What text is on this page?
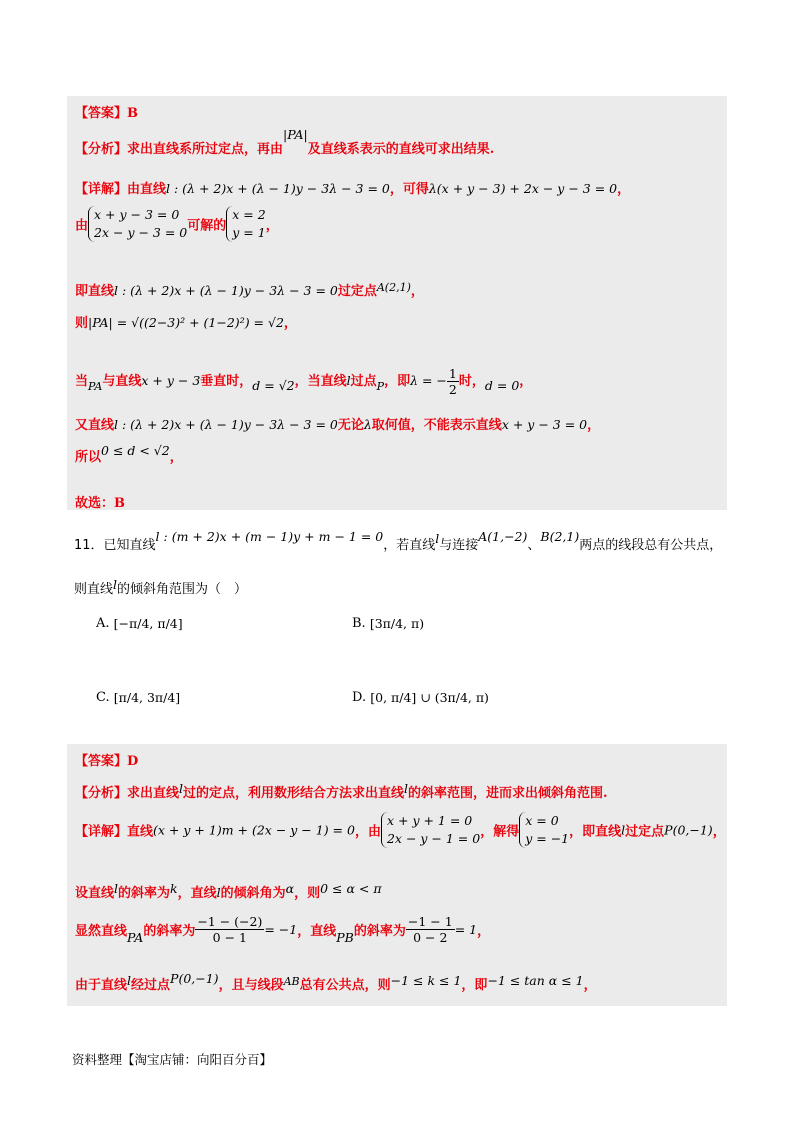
【答案】B
【分析】求出直线系所过定点，再由|PA|及直线系表示的直线可求出结果.
【详解】由直线l : (λ + 2)x + (λ − 1)y − 3λ − 3 = 0，可得λ(x + y − 3) + 2x − y − 3 = 0，
由
x + y − 3 = 0
2x − y − 3 = 0 可解的
x = 2
y = 1 ，
即直线l : (λ + 2)x + (λ − 1)y − 3λ − 3 = 0过定点$^{A(2,1)}$，
则|PA| = √((2−3)² + (1−2)²) = √2，
当$_{PA}$与直线x + y − 3垂直时，d = √2，当直线l过点$_P$，即λ = − $\frac{1}{2}$ 时，d = 0，
又直线l : (λ + 2)x + (λ − 1)y − 3λ − 3 = 0无论λ取何值，不能表示直线x + y − 3 = 0，
所以0 ≤ d < √2，
故选：B
11．已知直线l : (m + 2)x + (m − 1)y + m − 1 = 0，若直线l与连接A(1,−2)、B(2,1)两点的线段总有公共点，
则直线l的倾斜角范围为（　）
A. [−π/4, π/4]	B. [3π/4, π)
C. [π/4, 3π/4]	D. [0, π/4] ∪ (3π/4, π)
【答案】D
【分析】求出直线l过的定点，利用数形结合方法求出直线l的斜率范围，进而求出倾斜角范围.
【详解】直线(x + y + 1)m + (2x − y − 1) = 0，由
x + y + 1 = 0
2x − y − 1 = 0 ，解得
x = 0
y = −1 ，即直线l过定点P(0,−1)，
设直线l的斜率为k，直线l的倾斜角为α，则0 ≤ α < π
显然直线PA的斜率为 $\frac{-1 - (-2)}{0 - 1} = -1$，直线PB的斜率为 $\frac{-1 - 1}{0 - 2} = 1$，
由于直线l经过点P(0,−1)，且与线段$^{AB}$总有公共点，则−1 ≤ k ≤ 1，即−1 ≤ tan α ≤ 1，
资料整理【淘宝店铺：向阳百分百】
